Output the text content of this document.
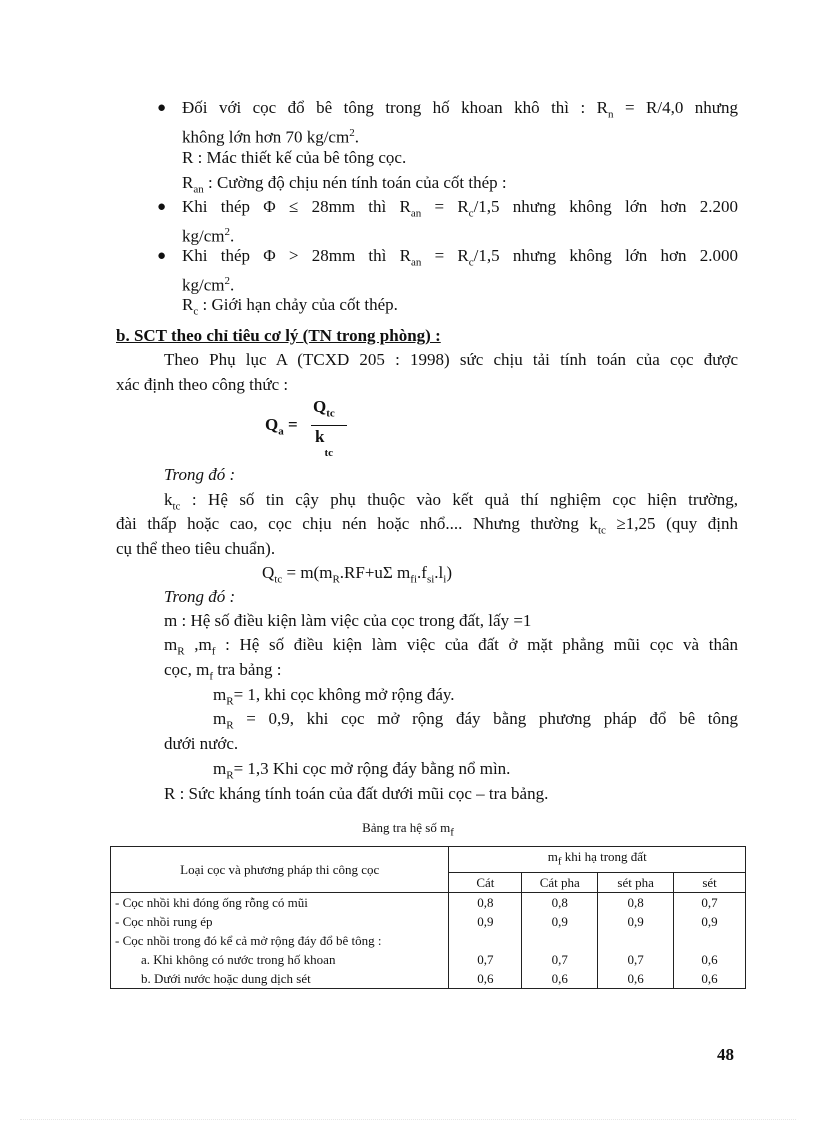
● Đối với cọc đổ bê tông trong hố khoan khô thì : $R_n = R/4,0$ nhưng
không lớn hơn 70 $kg/cm^2$.
R : Mác thiết kế của bê tông cọc.
$R_{an}$ : Cường độ chịu nén tính toán của cốt thép :
● Khi thép Φ ≤ 28mm thì $R_{an} = R_c/1,5$ nhưng không lớn hơn 2.200
$kg/cm^2$.
● Khi thép Φ > 28mm thì $R_{an} = R_c/1,5$ nhưng không lớn hơn 2.000
$kg/cm^2$.
$R_c$ : Giới hạn chảy của cốt thép.
b. SCT theo chỉ tiêu cơ lý (TN trong phòng) :
Theo Phụ lục A (TCXD 205 : 1998) sức chịu tải tính toán của cọc được
xác định theo công thức :
$Q_a$ =
$Q_{tc}$
$k_{tc}$
Trong đó :
$k_{tc}$ : Hệ số tin cậy phụ thuộc vào kết quả thí nghiệm cọc hiện trường,
đài thấp hoặc cao, cọc chịu nén hoặc nhổ.... Nhưng thường $k_{tc} \ge 1,25$ (quy định
cụ thể theo tiêu chuẩn).
$Q_{tc} = m(m_R.RF+u\Sigma$ $m_{fi}.f_{si}.l_i$)
Trong đó :
m : Hệ số điều kiện làm việc của cọc trong đất, lấy =1
$m_R$ $,m_f$ : Hệ số điều kiện làm việc của đất ở mặt phẳng mũi cọc và thân
cọc, $m_f$ tra bảng :
$m_R= 1$, khi cọc không mở rộng đáy.
$m_R = 0,9$, khi cọc mở rộng đáy bằng phương pháp đổ bê tông
dưới nước.
$m_R= 1,3$ Khi cọc mở rộng đáy bằng nổ mìn.
R : Sức kháng tính toán của đất dưới mũi cọc – tra bảng.
Bảng tra hệ số $m_f$
Loại cọc và phương pháp thi công cọc	$m_f$ khi hạ trong đất			
	Cát	Cát pha	sét pha	sét
- Cọc nhồi khi đóng ống rỗng có mũi	0,8	0,8	0,8	0,7
- Cọc nhồi rung ép	0,9	0,9	0,9	0,9
- Cọc nhồi trong đó kể cả mở rộng đáy đổ bê tông :				
a. Khi không có nước trong hố khoan	0,7	0,7	0,7	0,6
b. Dưới nước hoặc dung dịch sét	0,6	0,6	0,6	0,6
48
